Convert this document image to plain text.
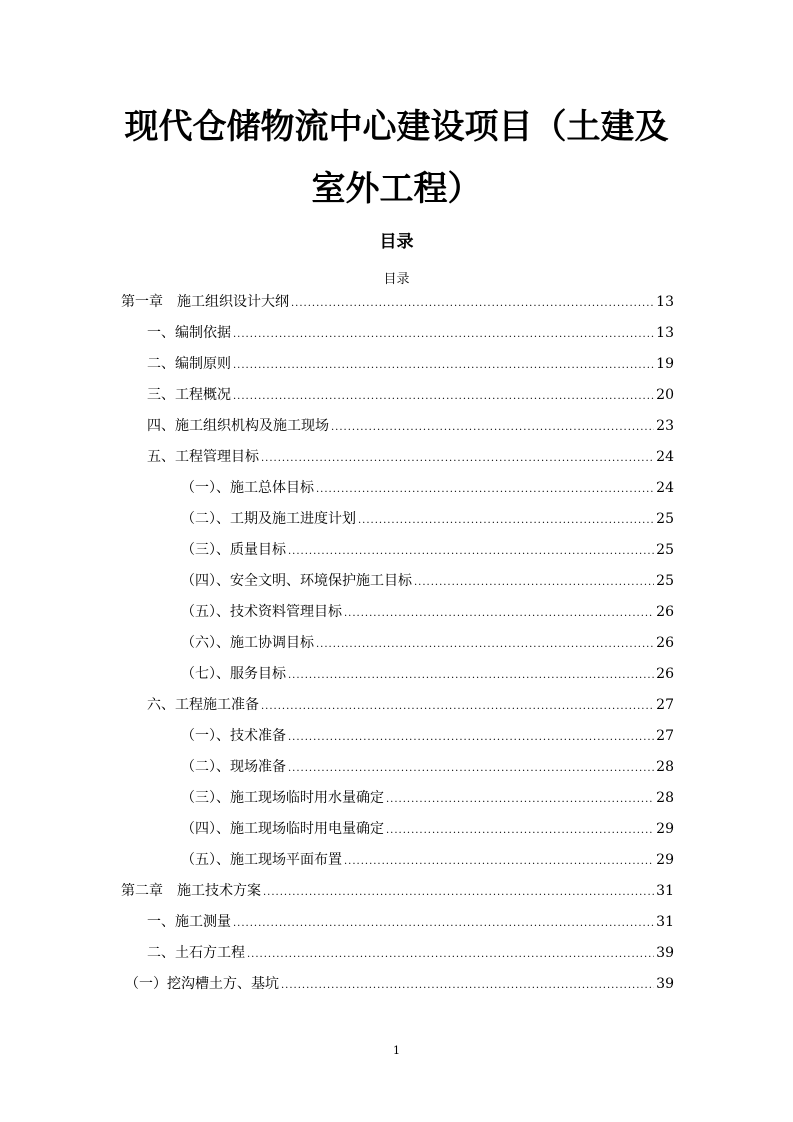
现代仓储物流中心建设项目（土建及
室外工程）
目录
目录
第一章　施工组织设计大纲 .....	13
一、编制依据 .....	13
二、编制原则 .....	19
三、工程概况 .....	20
四、施工组织机构及施工现场 .....	23
五、工程管理目标 .....	24
（一）、施工总体目标 .....	24
（二）、工期及施工进度计划 .....	25
（三）、质量目标 .....	25
（四）、安全文明、环境保护施工目标 .....	25
（五）、技术资料管理目标 .....	26
（六）、施工协调目标 .....	26
（七）、服务目标 .....	26
六、工程施工准备 .....	27
（一）、技术准备 .....	27
（二）、现场准备 .....	28
（三）、施工现场临时用水量确定 .....	28
（四）、施工现场临时用电量确定 .....	29
（五）、施工现场平面布置 .....	29
第二章　施工技术方案 .....	31
一、施工测量 .....	31
二、土石方工程 .....	39
（一）挖沟槽土方、基坑 .....	39
1
